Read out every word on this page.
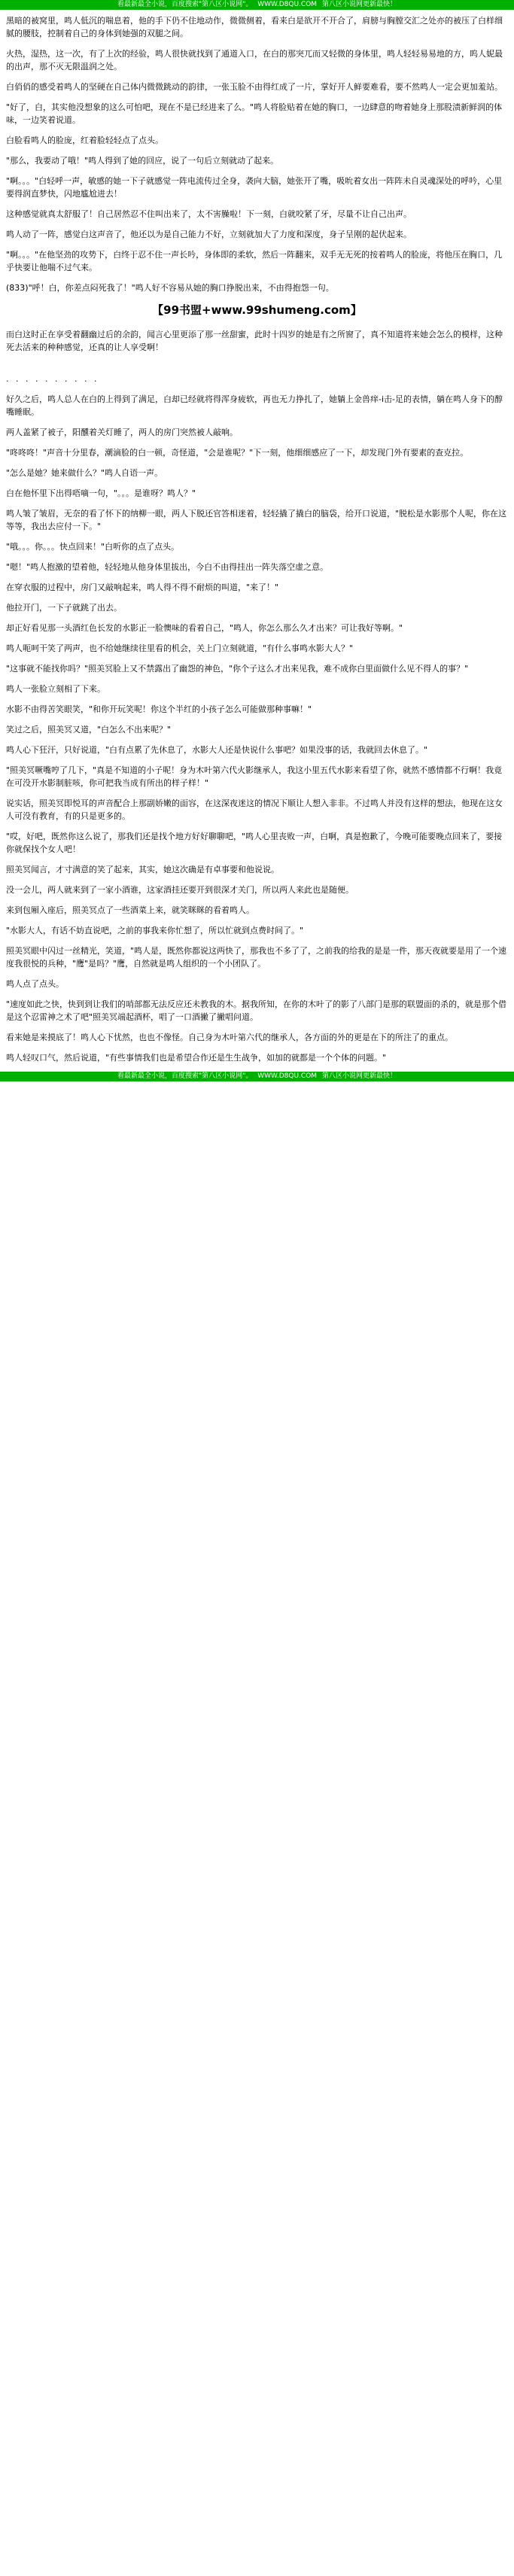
看最新最全小说，百度搜索"第八区小说网"。 WWW.D8QU.COM 第八区小说网更新最快！

黑暗的被窝里，鸣人低沉的喘息着，他的手下仍不住地动作，微微侧着，看来白是欲开不开合了，肩膀与胸膛交汇之处亦的被压了白样细腻的腰肢，控制着自己的身体到她强的双腿之间。

火热，湿热，这一次，有了上次的经验，鸣人很快就找到了通道入口，在白的那突兀而又轻微的身体里，鸣人轻轻易易地的方，呜人妮最的出声，那不灭无限温润之处。

白俏俏的感受着鸣人的坚硬在自己体内微微跳动的韵律，一张玉脸不由得红成了一片，掌好开人鲜要难看，要不然鸣人一定会更加羞站。

"好了，白，其实他没想象的这么可怕吧，现在不是已经进来了么。"鸣人将脸贴着在她的胸口，一边肆意的吻着她身上那股渍新鲜润的体味，一边笑着说道。

白脸看鸣人的脸庞，红着脸轻轻点了点头。

"那么，我要动了哦！"鸣人得到了她的回应，说了一句后立刻就动了起来。

"啊。。。"白轻呼一声，敏感的她一下子就感觉一阵电流传过全身，袭向大脑，她张开了嘴，吸吮着女出一阵阵未自灵魂深处的呼吟，心里要得润直梦快，闪地尴尬进去！

这种感觉就真太舒服了！自己居然忍不住叫出来了，太不害臊啦！下一刻，白就咬紧了牙，尽量不让自己出声。

鸣人动了一阵，感觉白这声音了，他还以为是自己能力不好，立刻就加大了力度和深度，身子呈刚的起伏起来。

"啊。。。"在他坚劲的攻势下，白终于忍不住一声长吟，身体即的柔软，然后一阵翻来，双手无无死的按着鸣人的脸庞，将他压在胸口，几乎快要让他喘不过气来。

(833)"呼！白，你差点闷死我了！"鸣人好不容易从她的胸口挣脱出来，不由得抱怨一句。

【99书盟+www.99shumeng.com】

而白这时正在享受着翻幽过后的余韵，闻言心里更添了那一丝甜蜜，此时十四岁的她是有之所窗了，真不知道将来她会怎么的模样，这种死去活来的种种感觉，还真的让人享受啊！

. . . . . . . . . .

好久之后，鸣人总人在白的上得到了满足，白却已经就将得浑身疲软，再也无力挣扎了，她躺上金兽痒-i击-足的表情，躺在鸣人身下的醇嘴睡眠。

两人盖紧了被子，阳醺着关灯睡了，两人的房门突然被人敲响。

"咚咚咚！"声音十分里春，潮滴脸的白一顿，奇怪道，"会是谁呢？"下一刻，他细细感应了一下，却发现门外有要素的查克拉。

"怎么是她？她来做什么？"鸣人自语一声。

白在他怀里下出得唔嘀一句，"。。。是谁呀？鸣人？"

鸣人皱了皱眉，无奈的看了怀下的纳柳一眼，两人下脱还官答相迷着，轻轻撬了撬白的脑袋，给开口说道，"脱松是水影那个人呢，你在这等等，我出去应付一下。"

"哦。。。你。。。快点回来！"白听你的点了点头。

"嗯！"鸣人抱激的望着他，轻轻地从他身体里拔出，今白不由得挂出一阵失落空虚之意。

在穿衣服的过程中，房门又敲响起来，鸣人得不得不耐烦的叫道，"来了！"

他拉开门，一下子就跳了出去。

却正好看见那一头酒红色长发的水影正一脸懊味的看着自己，"鸣人，你怎么那么久才出来？可让我好等啊。"

鸣人呃呵干笑了两声，也不给她继续往里看的机会，关上门立刻就道，"有什么事鸣水影大人？"

"这事就不能找你吗？"照美冥脸上又不禁露出了幽怨的神色，"你个子这么才出来见我，难不成你白里面做什么见不得人的事？"

鸣人一张脸立刻相了下来。

水影不由得苦笑眼笑，"和你开玩笑呢！你这个半红的小孩子怎么可能做那种事嘛！"

笑过之后，照美冥又道，"白怎么不出来呢？"

鸣人心下狂汗，只好说道，"白有点累了先休息了，水影大人还是快说什么事吧？如果没事的话，我就回去休息了。"

"照美冥噘嘴哼了几下，"真是不知道的小子呢！身为木叶第六代火影继承人，我这小里五代水影来看望了你，就然不感情都不行啊！我竟在可没开水影制脏咳，你可把我当成有所出的样子样！"

说实话，照美冥即悦耳的声音配合上那副娇嫩的面容，在这深夜迷这的情况下顺让人想入非非。不过鸣人并没有这样的想法，他现在这女人可没有教育，有的只是更多的。

"哎，好吧，既然你这么说了，那我们还是找个地方好好聊聊吧，"鸣人心里丧败一声，白啊，真是抱歉了，今晚可能要晚点回来了，要接你就保找个女人吧！

照美冥闻言，才寸满意的笑了起来，其实，她这次确是有卓事要和他说说。

没一会儿，两人就来到了一家小酒谁，这家酒挂还要开到很深才关门，所以两人来此也是随便。

来到包厢入座后，照美冥点了一些酒菜上来，就笑眯眯的看着鸣人。

"水影大人，有话不妨直说吧，之前的事我来你忙想了，所以忙就到点费时间了。"

照美冥眼中闪过一丝精光，笑道，"鸣人是，既然你都说这两快了，那我也不多了了，之前我的给我的是是一件，那天夜就要是用了一个速度我很悦的兵种，"鹰"是吗？"鹰，自然就是鸣人组织的一个小团队了。

鸣人点了点头。

"速度如此之快，快到到让我们的哨部都无法反应还未教我的木。据我所知，在你的木叶了的影了八部门是那的联盟面的杀的，就是那个借是这个忍雷神之术了吧"照美冥端起酒杯，唱了一口酒撇了撇唱问道。

看来她是来摸底了！鸣人心下忧然，也也不像怪。自己身为木叶第六代的继承人，各方面的外的更是在下的所注了的重点。

鸣人轻叹口气，然后说道，"有些事情我们也是希望合作还是生生战争，如加的就都是一个个体的问题。"

看最新最全小说，百度搜索"第八区小说网"。 WWW.D8QU.COM 第八区小说网更新最快！
